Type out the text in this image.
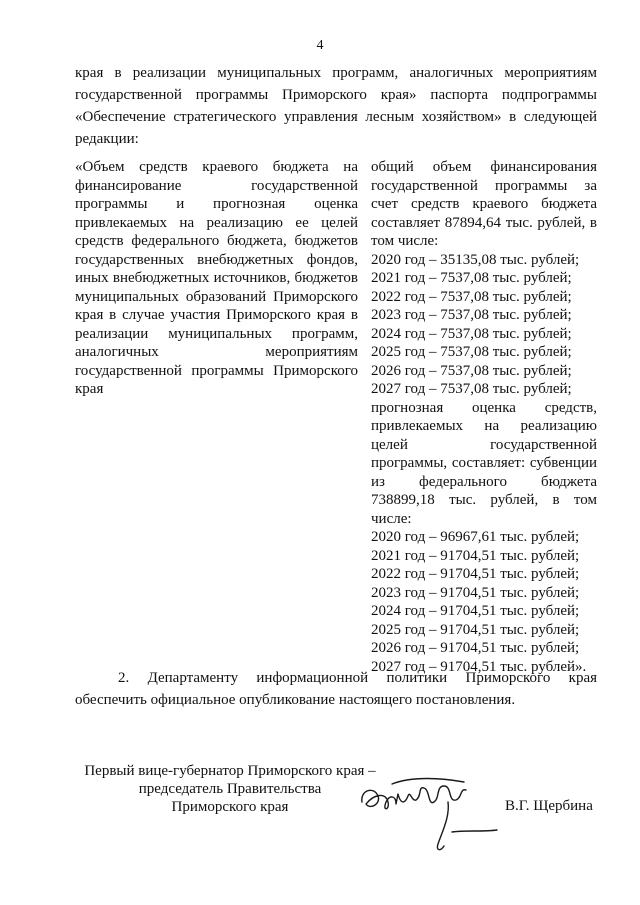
4

края в реализации муниципальных программ, аналогичных мероприятиям государственной программы Приморского края» паспорта подпрограммы «Обеспечение стратегического управления лесным хозяйством» в следующей редакции:

«Объем средств краевого бюджета на финансирование государственной программы и прогнозная оценка привлекаемых на реализацию ее целей средств федерального бюджета, бюджетов государственных внебюджетных фондов, иных внебюджетных источников, бюджетов муниципальных образований Приморского края в случае участия Приморского края в реализации муниципальных программ, аналогичных мероприятиям государственной программы Приморского края
общий объем финансирования государственной программы за счет средств краевого бюджета составляет 87894,64 тыс. рублей, в том числе:
2020 год – 35135,08 тыс. рублей;
2021 год – 7537,08 тыс. рублей;
2022 год – 7537,08 тыс. рублей;
2023 год – 7537,08 тыс. рублей;
2024 год – 7537,08 тыс. рублей;
2025 год – 7537,08 тыс. рублей;
2026 год – 7537,08 тыс. рублей;
2027 год – 7537,08 тыс. рублей;
прогнозная оценка средств, привлекаемых на реализацию целей государственной программы, составляет: субвенции из федерального бюджета 738899,18 тыс. рублей, в том числе:
2020 год – 96967,61 тыс. рублей;
2021 год – 91704,51 тыс. рублей;
2022 год – 91704,51 тыс. рублей;
2023 год – 91704,51 тыс. рублей;
2024 год – 91704,51 тыс. рублей;
2025 год – 91704,51 тыс. рублей;
2026 год – 91704,51 тыс. рублей;
2027 год – 91704,51 тыс. рублей».
2. Департаменту информационной политики Приморского края обеспечить официальное опубликование настоящего постановления.
Первый вице-губернатор Приморского края –
председатель Правительства
Приморского края	В.Г. Щербина
